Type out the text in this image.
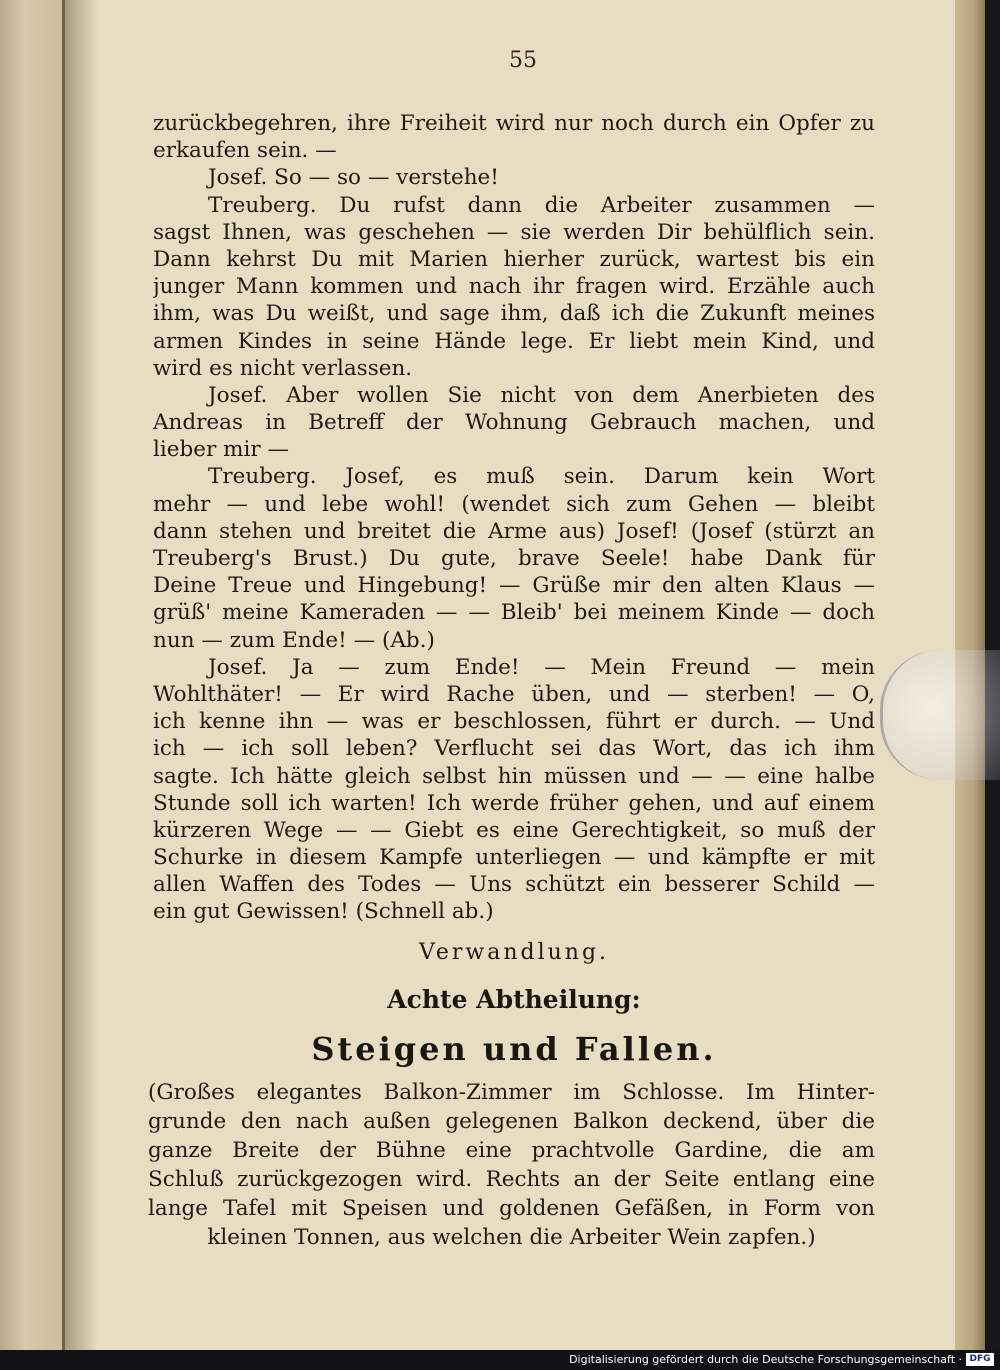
55
zurückbegehren, ihre Freiheit wird nur noch durch ein Opfer zu
erkaufen sein. —
Josef. So — so — verstehe!
Treuberg. Du rufst dann die Arbeiter zusammen —
sagst Ihnen, was geschehen — sie werden Dir behülflich sein.
Dann kehrst Du mit Marien hierher zurück, wartest bis ein
junger Mann kommen und nach ihr fragen wird. Erzähle auch
ihm, was Du weißt, und sage ihm, daß ich die Zukunft meines
armen Kindes in seine Hände lege. Er liebt mein Kind, und
wird es nicht verlassen.
Josef. Aber wollen Sie nicht von dem Anerbieten des
Andreas in Betreff der Wohnung Gebrauch machen, und
lieber mir —
Treuberg. Josef, es muß sein. Darum kein Wort
mehr — und lebe wohl! (wendet sich zum Gehen — bleibt
dann stehen und breitet die Arme aus) Josef! (Josef (stürzt an
Treuberg's Brust.) Du gute, brave Seele! habe Dank für
Deine Treue und Hingebung! — Grüße mir den alten Klaus —
grüß' meine Kameraden — — Bleib' bei meinem Kinde — doch
nun — zum Ende! — (Ab.)
Josef. Ja — zum Ende! — Mein Freund — mein
Wohlthäter! — Er wird Rache üben, und — sterben! — O,
ich kenne ihn — was er beschlossen, führt er durch. — Und
ich — ich soll leben? Verflucht sei das Wort, das ich ihm
sagte. Ich hätte gleich selbst hin müssen und — — eine halbe
Stunde soll ich warten! Ich werde früher gehen, und auf einem
kürzeren Wege — — Giebt es eine Gerechtigkeit, so muß der
Schurke in diesem Kampfe unterliegen — und kämpfte er mit
allen Waffen des Todes — Uns schützt ein besserer Schild —
ein gut Gewissen! (Schnell ab.)
Verwandlung.
Achte Abtheilung:
Steigen und Fallen.
(Großes elegantes Balkon-Zimmer im Schlosse. Im Hinter-
grunde den nach außen gelegenen Balkon deckend, über die
ganze Breite der Bühne eine prachtvolle Gardine, die am
Schluß zurückgezogen wird. Rechts an der Seite entlang eine
lange Tafel mit Speisen und goldenen Gefäßen, in Form von
kleinen Tonnen, aus welchen die Arbeiter Wein zapfen.)
Digitalisierung gefördert durch die Deutsche Forschungsgemeinschaft · DFG
